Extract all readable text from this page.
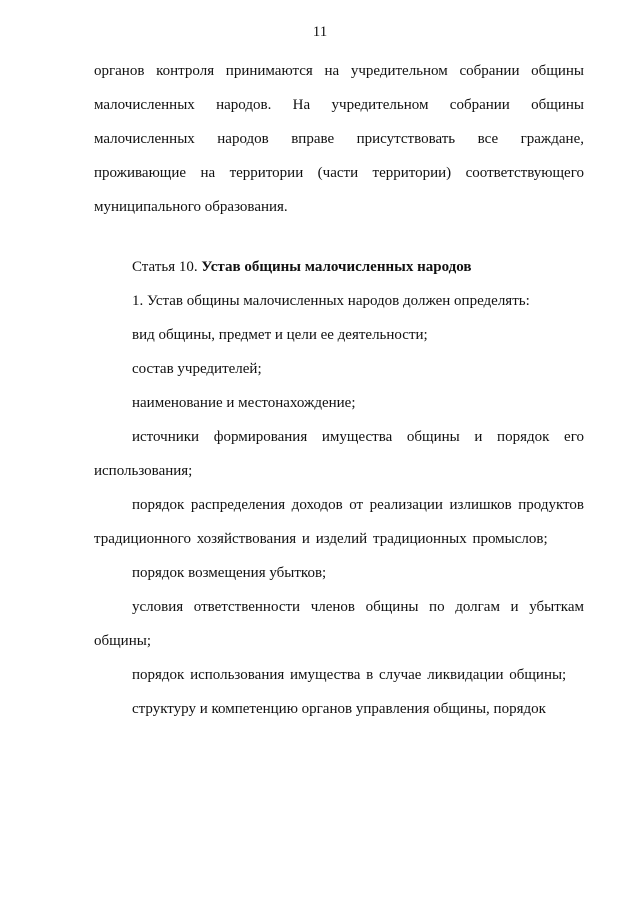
11

органов контроля принимаются на учредительном собрании общины малочисленных народов. На учредительном собрании общины малочисленных народов вправе присутствовать все граждане, проживающие на территории (части территории) соответствующего муниципального образования.

Статья 10. Устав общины малочисленных народов

1. Устав общины малочисленных народов должен определять:

вид общины, предмет и цели ее деятельности;

состав учредителей;

наименование и местонахождение;

источники формирования имущества общины и порядок его использования;

порядок распределения доходов от реализации излишков продуктов традиционного хозяйствования и изделий традиционных промыслов;

порядок возмещения убытков;

условия ответственности членов общины по долгам и убыткам общины;

порядок использования имущества в случае ликвидации общины;

структуру и компетенцию органов управления общины, порядок
